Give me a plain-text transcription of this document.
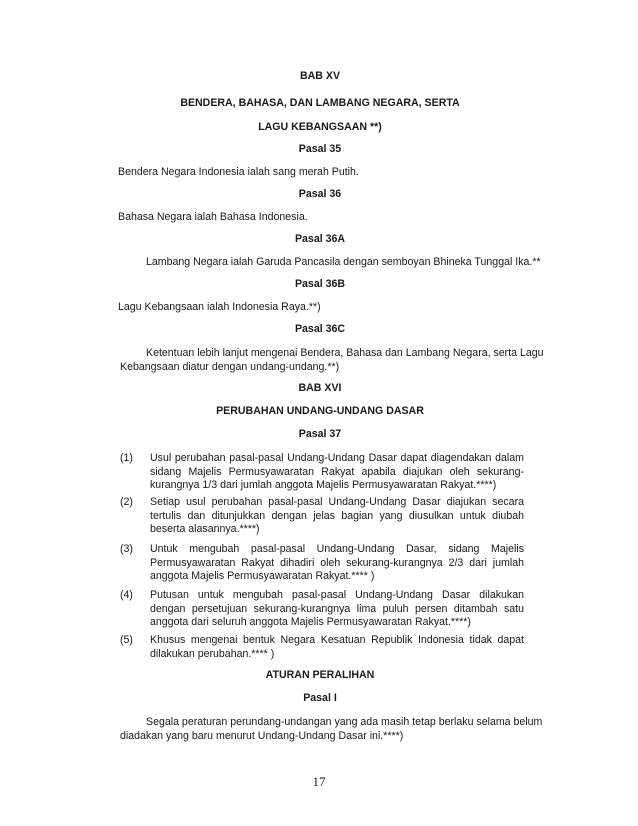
BAB XV
BENDERA, BAHASA, DAN LAMBANG NEGARA, SERTA
LAGU KEBANGSAAN **)
Pasal 35
Bendera Negara Indonesia ialah sang merah Putih.
Pasal 36
Bahasa Negara ialah Bahasa Indonesia.
Pasal 36A
Lambang Negara ialah Garuda Pancasila dengan semboyan Bhineka Tunggal Ika.**
Pasal 36B
Lagu Kebangsaan ialah Indonesia Raya.**)
Pasal 36C
Ketentuan lebih lanjut mengenai Bendera, Bahasa dan Lambang Negara, serta Lagu
Kebangsaan diatur dengan undang-undang.**)
BAB XVI
PERUBAHAN UNDANG-UNDANG DASAR
Pasal 37
(1) Usul perubahan pasal-pasal Undang-Undang Dasar dapat diagendakan dalam sidang Majelis Permusyawaratan Rakyat apabila diajukan oleh sekurang-kurangnya 1/3 dari jumlah anggota Majelis Permusyawaratan Rakyat.****)
(2) Setiap usul perubahan pasal-pasal Undang-Undang Dasar diajukan secara tertulis dan ditunjukkan dengan jelas bagian yang diusulkan untuk diubah beserta alasannya.****)
(3) Untuk mengubah pasal-pasal Undang-Undang Dasar, sidang Majelis Permusyawaratan Rakyat dihadiri oleh sekurang-kurangnya 2/3 dari jumlah anggota Majelis Permusyawaratan Rakyat.**** )
(4) Putusan untuk mengubah pasal-pasal Undang-Undang Dasar dilakukan dengan persetujuan sekurang-kurangnya lima puluh persen ditambah satu anggota dari seluruh anggota Majelis Permusyawaratan Rakyat.****)
(5) Khusus mengenai bentuk Negara Kesatuan Republik Indonesia tidak dapat dilakukan perubahan.**** )
ATURAN PERALIHAN
Pasal I
Segala peraturan perundang-undangan yang ada masih tetap berlaku selama belum
diadakan yang baru menurut Undang-Undang Dasar ini.****)
17
